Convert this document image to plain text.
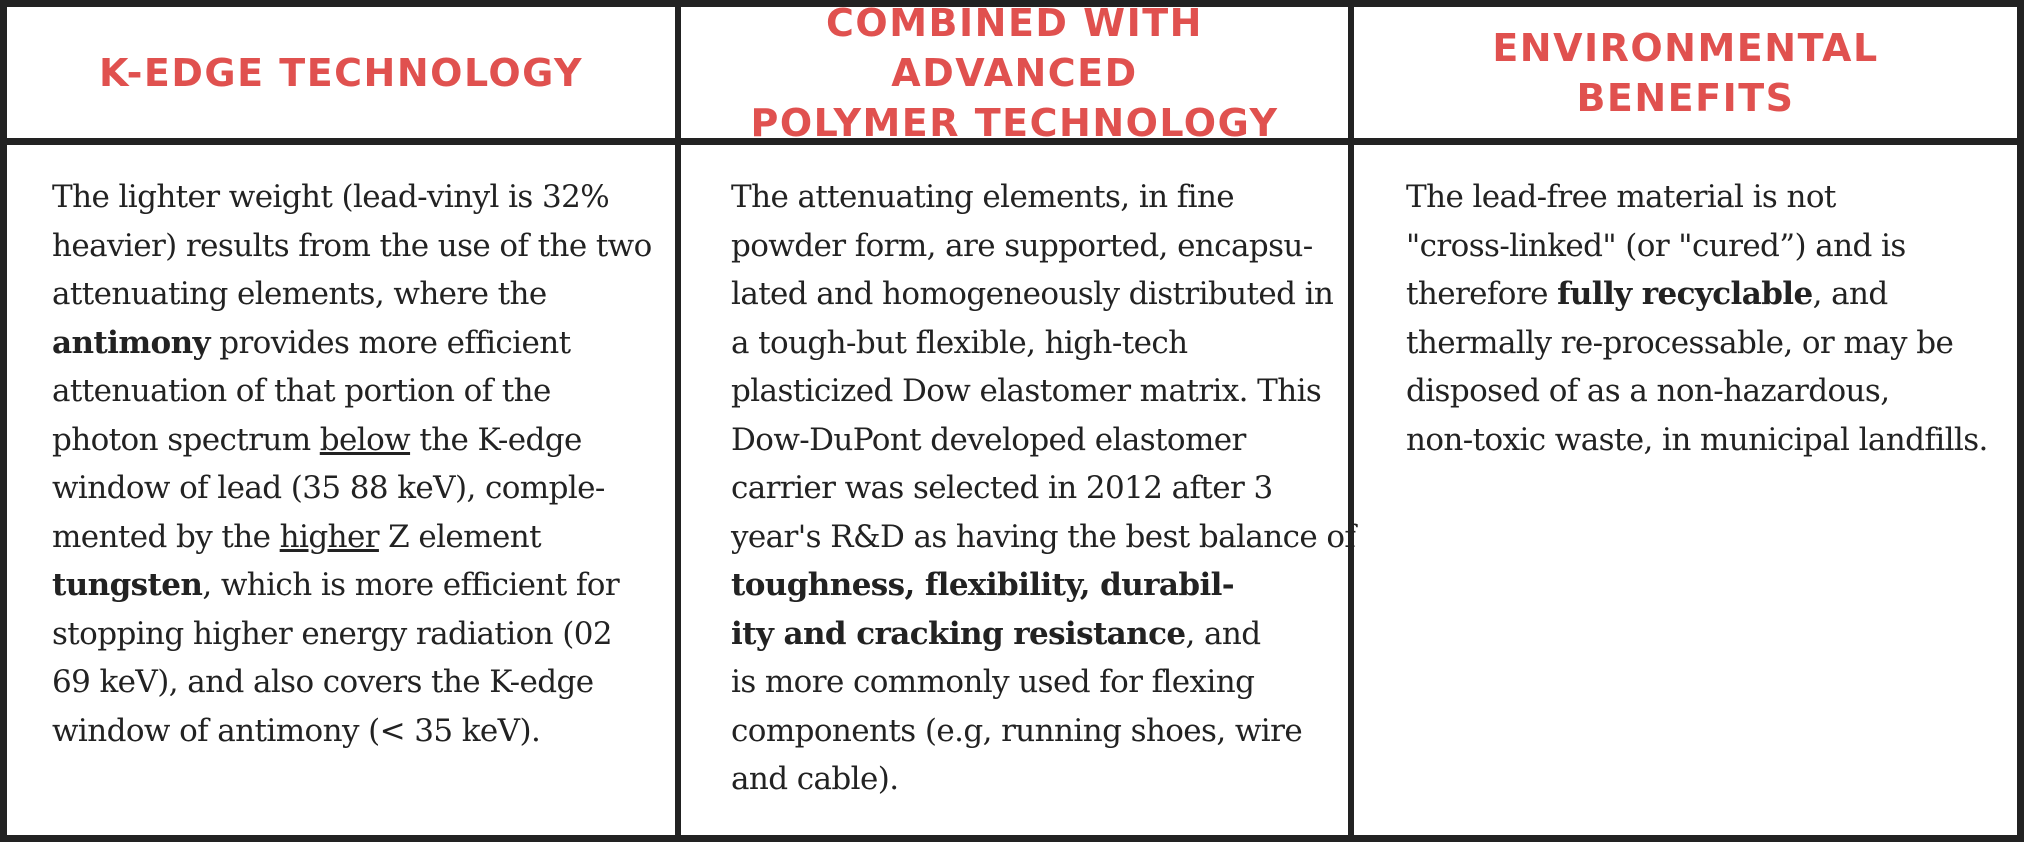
K-EDGE TECHNOLOGY
COMBINED WITH ADVANCED
POLYMER TECHNOLOGY
ENVIRONMENTAL
BENEFITS
The lighter weight (lead-vinyl is 32%
heavier) results from the use of the two
attenuating elements, where the
antimony provides more efficient
attenuation of that portion of the
photon spectrum below the K-edge
window of lead (35 88 keV), comple-
mented by the higher Z element
tungsten, which is more efficient for
stopping higher energy radiation (02
69 keV), and also covers the K-edge
window of antimony (< 35 keV).
The attenuating elements, in fine
powder form, are supported, encapsu-
lated and homogeneously distributed in
a tough-but flexible, high-tech
plasticized Dow elastomer matrix. This
Dow-DuPont developed elastomer
carrier was selected in 2012 after 3
year's R&D as having the best balance of
toughness, flexibility, durabil-
ity and cracking resistance, and
is more commonly used for flexing
components (e.g, running shoes, wire
and cable).
The lead-free material is not
"cross-linked" (or "cured”) and is
therefore fully recyclable, and
thermally re-processable, or may be
disposed of as a non-hazardous,
non-toxic waste, in municipal landfills.
